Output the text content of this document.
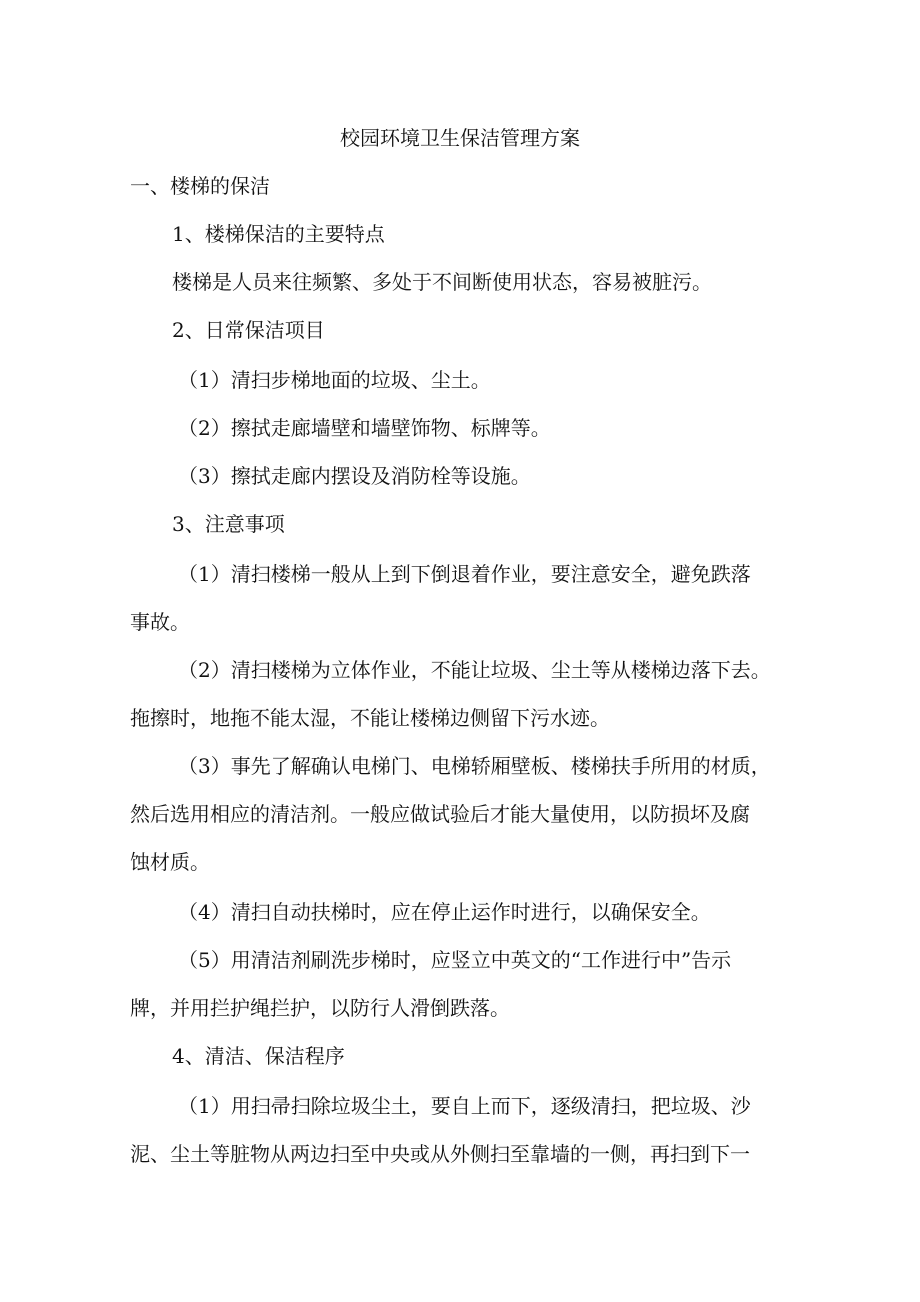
校园环境卫生保洁管理方案
一、楼梯的保洁
1、楼梯保洁的主要特点
楼梯是人员来往频繁、多处于不间断使用状态，容易被脏污。
2、日常保洁项目
（1）清扫步梯地面的垃圾、尘土。
（2）擦拭走廊墙壁和墙壁饰物、标牌等。
（3）擦拭走廊内摆设及消防栓等设施。
3、注意事项
（1）清扫楼梯一般从上到下倒退着作业，要注意安全，避免跌落
事故。
（2）清扫楼梯为立体作业，不能让垃圾、尘土等从楼梯边落下去。
拖擦时，地拖不能太湿，不能让楼梯边侧留下污水迹。
（3）事先了解确认电梯门、电梯轿厢壁板、楼梯扶手所用的材质，
然后选用相应的清洁剂。一般应做试验后才能大量使用，以防损坏及腐
蚀材质。
（4）清扫自动扶梯时，应在停止运作时进行，以确保安全。
（5）用清洁剂刷洗步梯时，应竖立中英文的“工作进行中”告示
牌，并用拦护绳拦护，以防行人滑倒跌落。
4、清洁、保洁程序
（1）用扫帚扫除垃圾尘土，要自上而下，逐级清扫，把垃圾、沙
泥、尘土等脏物从两边扫至中央或从外侧扫至靠墙的一侧，再扫到下一
